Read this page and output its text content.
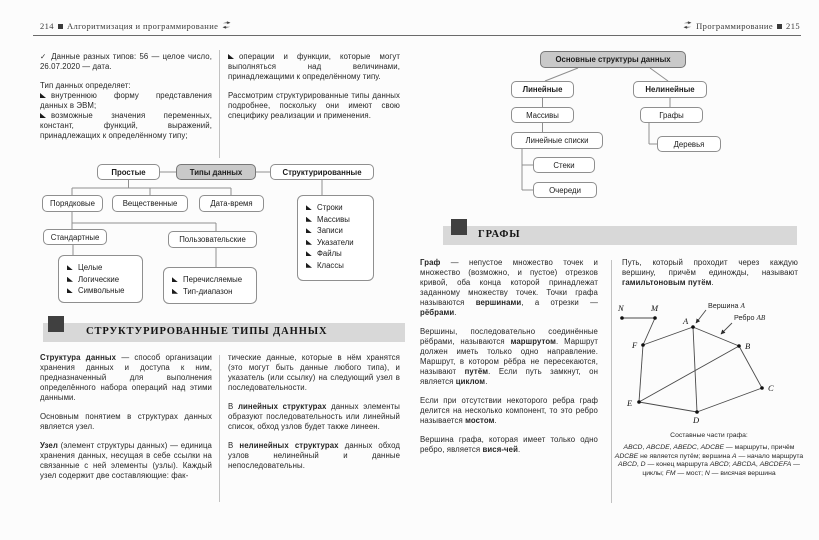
214 Алгоритмизация и программирование	Программирование 215
✓ Данные разных типов: 56 — целое число, 26.07.2020 — дата.
Тип данных определяет:
внутреннюю форму представления данных в ЭВМ;
возможные значения переменных, констант, функций, выражений, принадлежащих к определённому типу;
операции и функции, которые могут выполняться над величинами, принадлежащими к определённому типу.
Рассмотрим структурированные типы данных подробнее, поскольку они имеют свою специфику реализации и применения.
Простые	Типы данных	Структурированные
Порядковые	Вещественные	Дата-время
Стандартные	Пользовательские
Целые
Логические
Символьные
Перечисляемые
Тип-диапазон
Строки
Массивы
Записи
Указатели
Файлы
Классы
СТРУКТУРИРОВАННЫЕ ТИПЫ ДАННЫХ
Структура данных — способ организации хранения данных и доступа к ним, предназначенный для выполнения определённого набора операций над этими данными.
Основным понятием в структурах данных является узел.
Узел (элемент структуры данных) — единица хранения данных, несущая в себе ссылки на связанные с ней элементы (узлы). Каждый узел содержит две составляющие: фак-
тические данные, которые в нём хранятся (это могут быть данные любого типа), и указатель (или ссылку) на следующий узел в последовательности.
В линейных структурах данных элементы образуют последовательность или линейный список, обход узлов будет также линеен.
В нелинейных структурах данных обход узлов нелинейный и данные непоследовательны.
Основные структуры данных
Линейные	Нелинейные
Массивы
Линейные списки
Стеки
Очереди
Графы
Деревья
ГРАФЫ
Граф — непустое множество точек и множество (возможно, и пустое) отрезков кривой, оба конца которой принадлежат заданному множеству точек. Точки графа называются вершинами, а отрезки — рёбрами.
Вершины, последовательно соединённые рёбрами, называются маршрутом. Маршрут должен иметь только одно направление. Маршрут, в котором рёбра не пересекаются, называют путём. Если путь замкнут, он является циклом.
Если при отсутствии некоторого ребра граф делится на несколько компонент, то это ребро называется мостом.
Вершина графа, которая имеет только одно ребро, является вися-чей.
Путь, который проходит через каждую вершину, причём единожды, называют гамильтоновым путём.
N	M
A
B
F
C
E
D
Вершина A
Ребро AB
Составные части графа:
ABCD, ABCDE, ABEDC, ADCBE — маршруты, причём ADCBE не является путём; вершина A — начало маршрута ABCD, D — конец маршрута ABCD; ABCDA, ABCDEFA — циклы; FM — мост; N — висячая вершина
